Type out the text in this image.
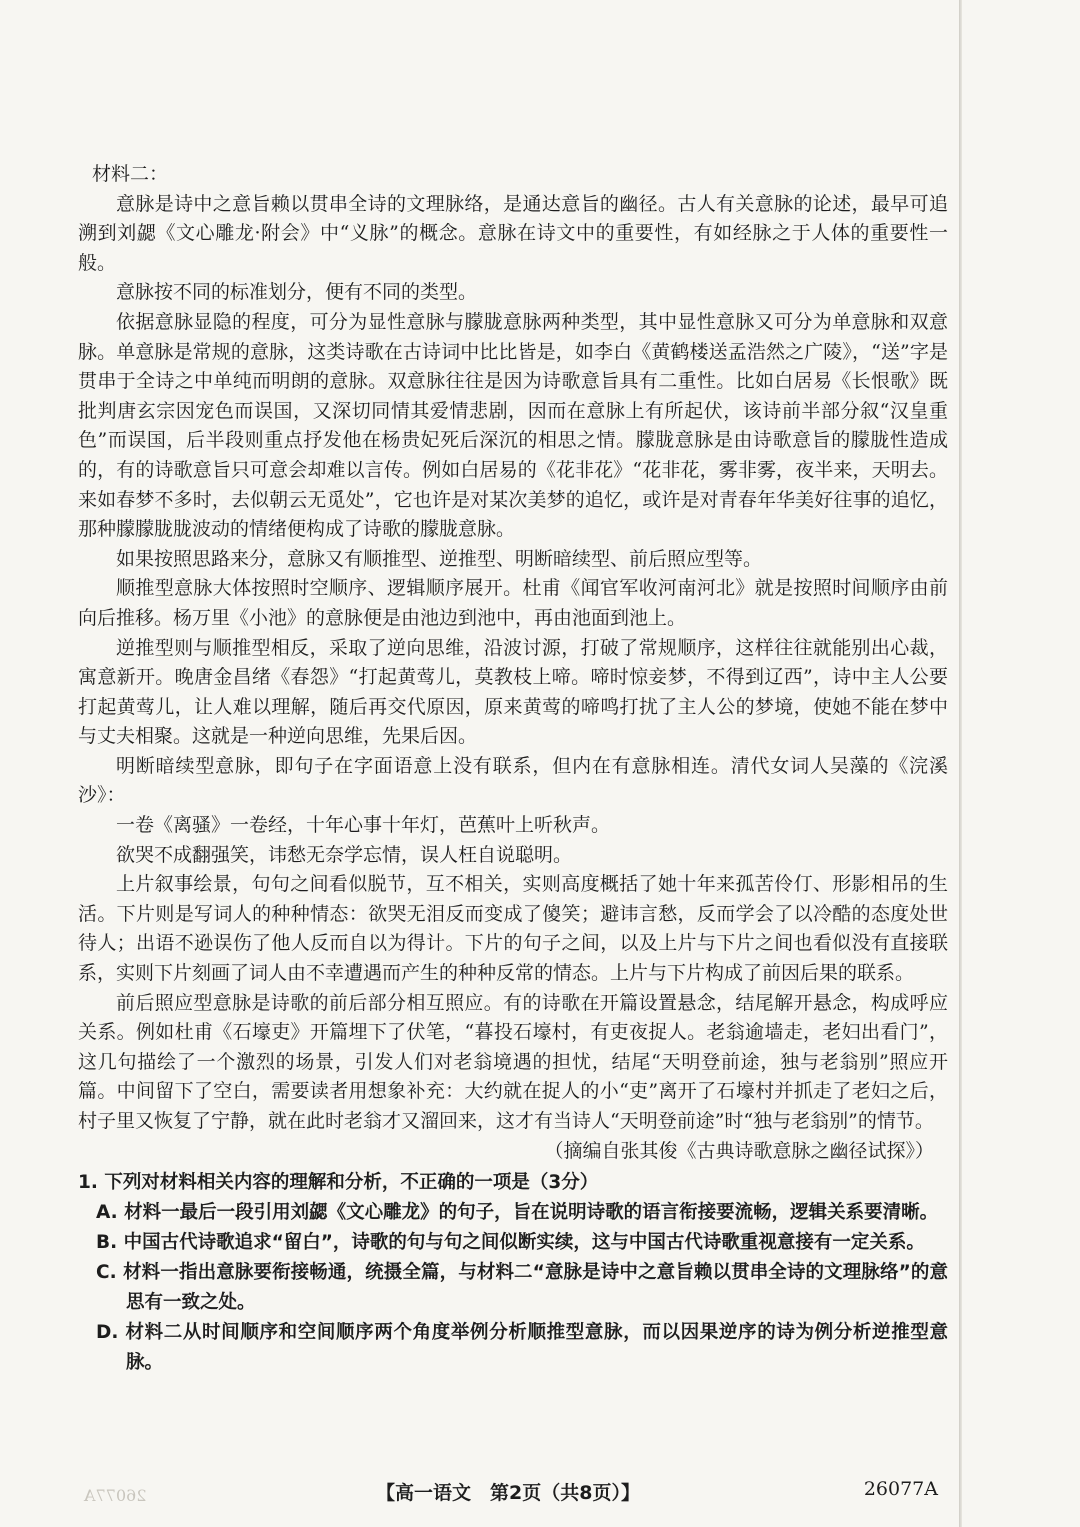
材料二：

意脉是诗中之意旨赖以贯串全诗的文理脉络，是通达意旨的幽径。古人有关意脉的论述，最早可追溯到刘勰《文心雕龙·附会》中“义脉”的概念。意脉在诗文中的重要性，有如经脉之于人体的重要性一般。

意脉按不同的标准划分，便有不同的类型。

依据意脉显隐的程度，可分为显性意脉与朦胧意脉两种类型，其中显性意脉又可分为单意脉和双意脉。单意脉是常规的意脉，这类诗歌在古诗词中比比皆是，如李白《黄鹤楼送孟浩然之广陵》，“送”字是贯串于全诗之中单纯而明朗的意脉。双意脉往往是因为诗歌意旨具有二重性。比如白居易《长恨歌》既批判唐玄宗因宠色而误国，又深切同情其爱情悲剧，因而在意脉上有所起伏，该诗前半部分叙“汉皇重色”而误国，后半段则重点抒发他在杨贵妃死后深沉的相思之情。朦胧意脉是由诗歌意旨的朦胧性造成的，有的诗歌意旨只可意会却难以言传。例如白居易的《花非花》“花非花，雾非雾，夜半来，天明去。来如春梦不多时，去似朝云无觅处”，它也许是对某次美梦的追忆，或许是对青春年华美好往事的追忆，那种朦朦胧胧波动的情绪便构成了诗歌的朦胧意脉。

如果按照思路来分，意脉又有顺推型、逆推型、明断暗续型、前后照应型等。

顺推型意脉大体按照时空顺序、逻辑顺序展开。杜甫《闻官军收河南河北》就是按照时间顺序由前向后推移。杨万里《小池》的意脉便是由池边到池中，再由池面到池上。

逆推型则与顺推型相反，采取了逆向思维，沿波讨源，打破了常规顺序，这样往往就能别出心裁，寓意新开。晚唐金昌绪《春怨》“打起黄莺儿，莫教枝上啼。啼时惊妾梦，不得到辽西”，诗中主人公要打起黄莺儿，让人难以理解，随后再交代原因，原来黄莺的啼鸣打扰了主人公的梦境，使她不能在梦中与丈夫相聚。这就是一种逆向思维，先果后因。

明断暗续型意脉，即句子在字面语意上没有联系，但内在有意脉相连。清代女词人吴藻的《浣溪沙》：

一卷《离骚》一卷经，十年心事十年灯，芭蕉叶上听秋声。

欲哭不成翻强笑，讳愁无奈学忘情，误人枉自说聪明。

上片叙事绘景，句句之间看似脱节，互不相关，实则高度概括了她十年来孤苦伶仃、形影相吊的生活。下片则是写词人的种种情态：欲哭无泪反而变成了傻笑；避讳言愁，反而学会了以冷酷的态度处世待人；出语不逊误伤了他人反而自以为得计。下片的句子之间，以及上片与下片之间也看似没有直接联系，实则下片刻画了词人由不幸遭遇而产生的种种反常的情态。上片与下片构成了前因后果的联系。

前后照应型意脉是诗歌的前后部分相互照应。有的诗歌在开篇设置悬念，结尾解开悬念，构成呼应关系。例如杜甫《石壕吏》开篇埋下了伏笔，“暮投石壕村，有吏夜捉人。老翁逾墙走，老妇出看门”，这几句描绘了一个激烈的场景，引发人们对老翁境遇的担忧，结尾“天明登前途，独与老翁别”照应开篇。中间留下了空白，需要读者用想象补充：大约就在捉人的小“吏”离开了石壕村并抓走了老妇之后，村子里又恢复了宁静，就在此时老翁才又溜回来，这才有当诗人“天明登前途”时“独与老翁别”的情节。

（摘编自张其俊《古典诗歌意脉之幽径试探》）

1. 下列对材料相关内容的理解和分析，不正确的一项是（3分）

A. 材料一最后一段引用刘勰《文心雕龙》的句子，旨在说明诗歌的语言衔接要流畅，逻辑关系要清晰。

B. 中国古代诗歌追求“留白”，诗歌的句与句之间似断实续，这与中国古代诗歌重视意接有一定关系。

C. 材料一指出意脉要衔接畅通，统摄全篇，与材料二“意脉是诗中之意旨赖以贯串全诗的文理脉络”的意思有一致之处。

D. 材料二从时间顺序和空间顺序两个角度举例分析顺推型意脉，而以因果逆序的诗为例分析逆推型意脉。

26077A	【高一语文　第2页（共8页）】	26077A
